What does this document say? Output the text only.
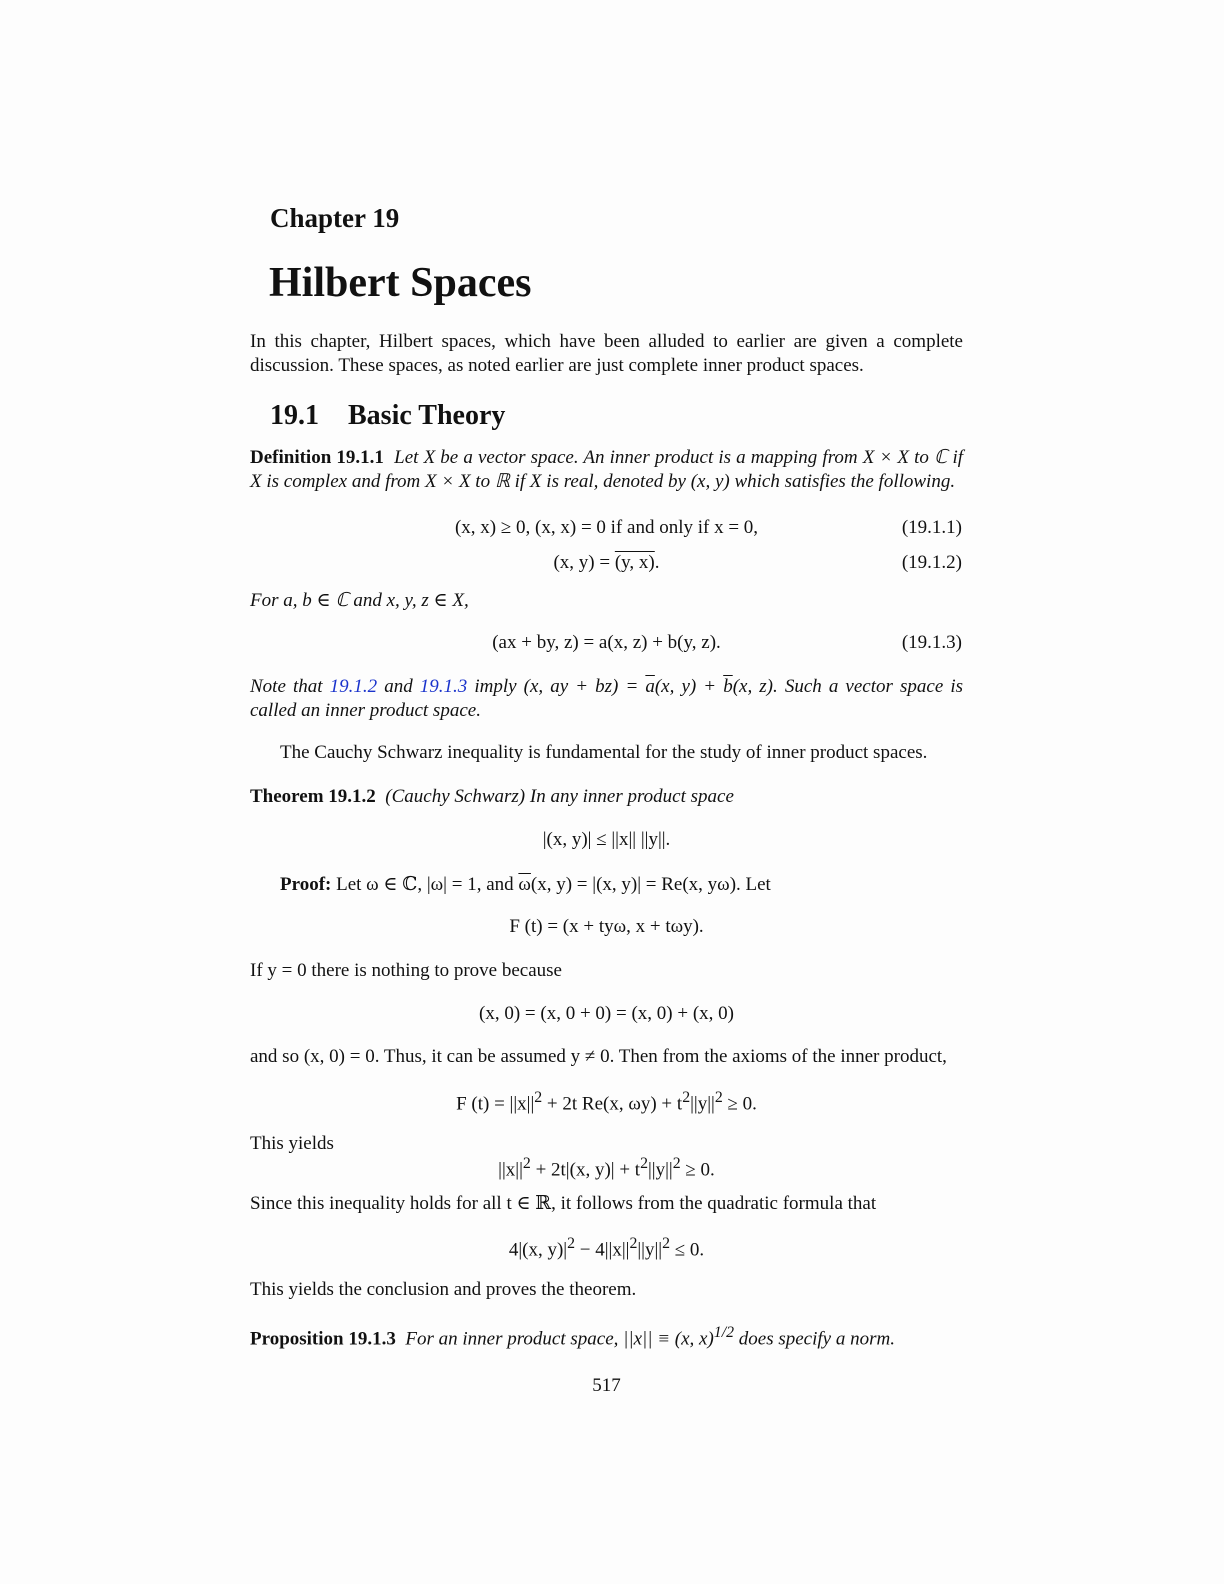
Chapter 19
Hilbert Spaces
In this chapter, Hilbert spaces, which have been alluded to earlier are given a complete discussion. These spaces, as noted earlier are just complete inner product spaces.
19.1 Basic Theory
Definition 19.1.1 Let X be a vector space. An inner product is a mapping from X × X to ℂ if X is complex and from X × X to ℝ if X is real, denoted by (x, y) which satisfies the following.
(x, x) ≥ 0, (x, x) = 0 if and only if x = 0,	(19.1.1)
(x, y) = (y, x).	(19.1.2)
For a, b ∈ ℂ and x, y, z ∈ X,
(ax + by, z) = a(x, z) + b(y, z).	(19.1.3)
Note that 19.1.2 and 19.1.3 imply (x, ay + $bz) = \overline{a}(x$, $y) + \overline{b}(x$, z). Such a vector space is called an inner product space.
The Cauchy Schwarz inequality is fundamental for the study of inner product spaces.
Theorem 19.1.2 (Cauchy Schwarz) In any inner product space
|(x, y)| ≤ ||x|| ||y||.
Proof: Let ω ∈ ℂ, |ω| = 1, and $\overline{\omega}(x$, y) = |(x, y)| = Re(x, yω). Let
F (t) = (x + tyω, x + tωy).
If y = 0 there is nothing to prove because
(x, 0) = (x, 0 + 0) = (x, 0) + (x, 0)
and so (x, 0) = 0. Thus, it can be assumed y ≠ 0. Then from the axioms of the inner product,
F $(t) = ||x||^2 + 2t$ Re(x, $\omega y) + t^2||y||^2 \ge 0$.
This yields
$||x||^2 + 2t|(x$, $y)| + t^2||y||^2 \ge 0$.
Since this inequality holds for all t ∈ ℝ, it follows from the quadratic formula that
4|(x, $y)|^2 - 4||x||^2||y||^2 \le 0$.
This yields the conclusion and proves the theorem.
Proposition 19.1.3 For an inner product space, ||x|| ≡ (x, x)$^{1/2}$ does specify a norm.
517
